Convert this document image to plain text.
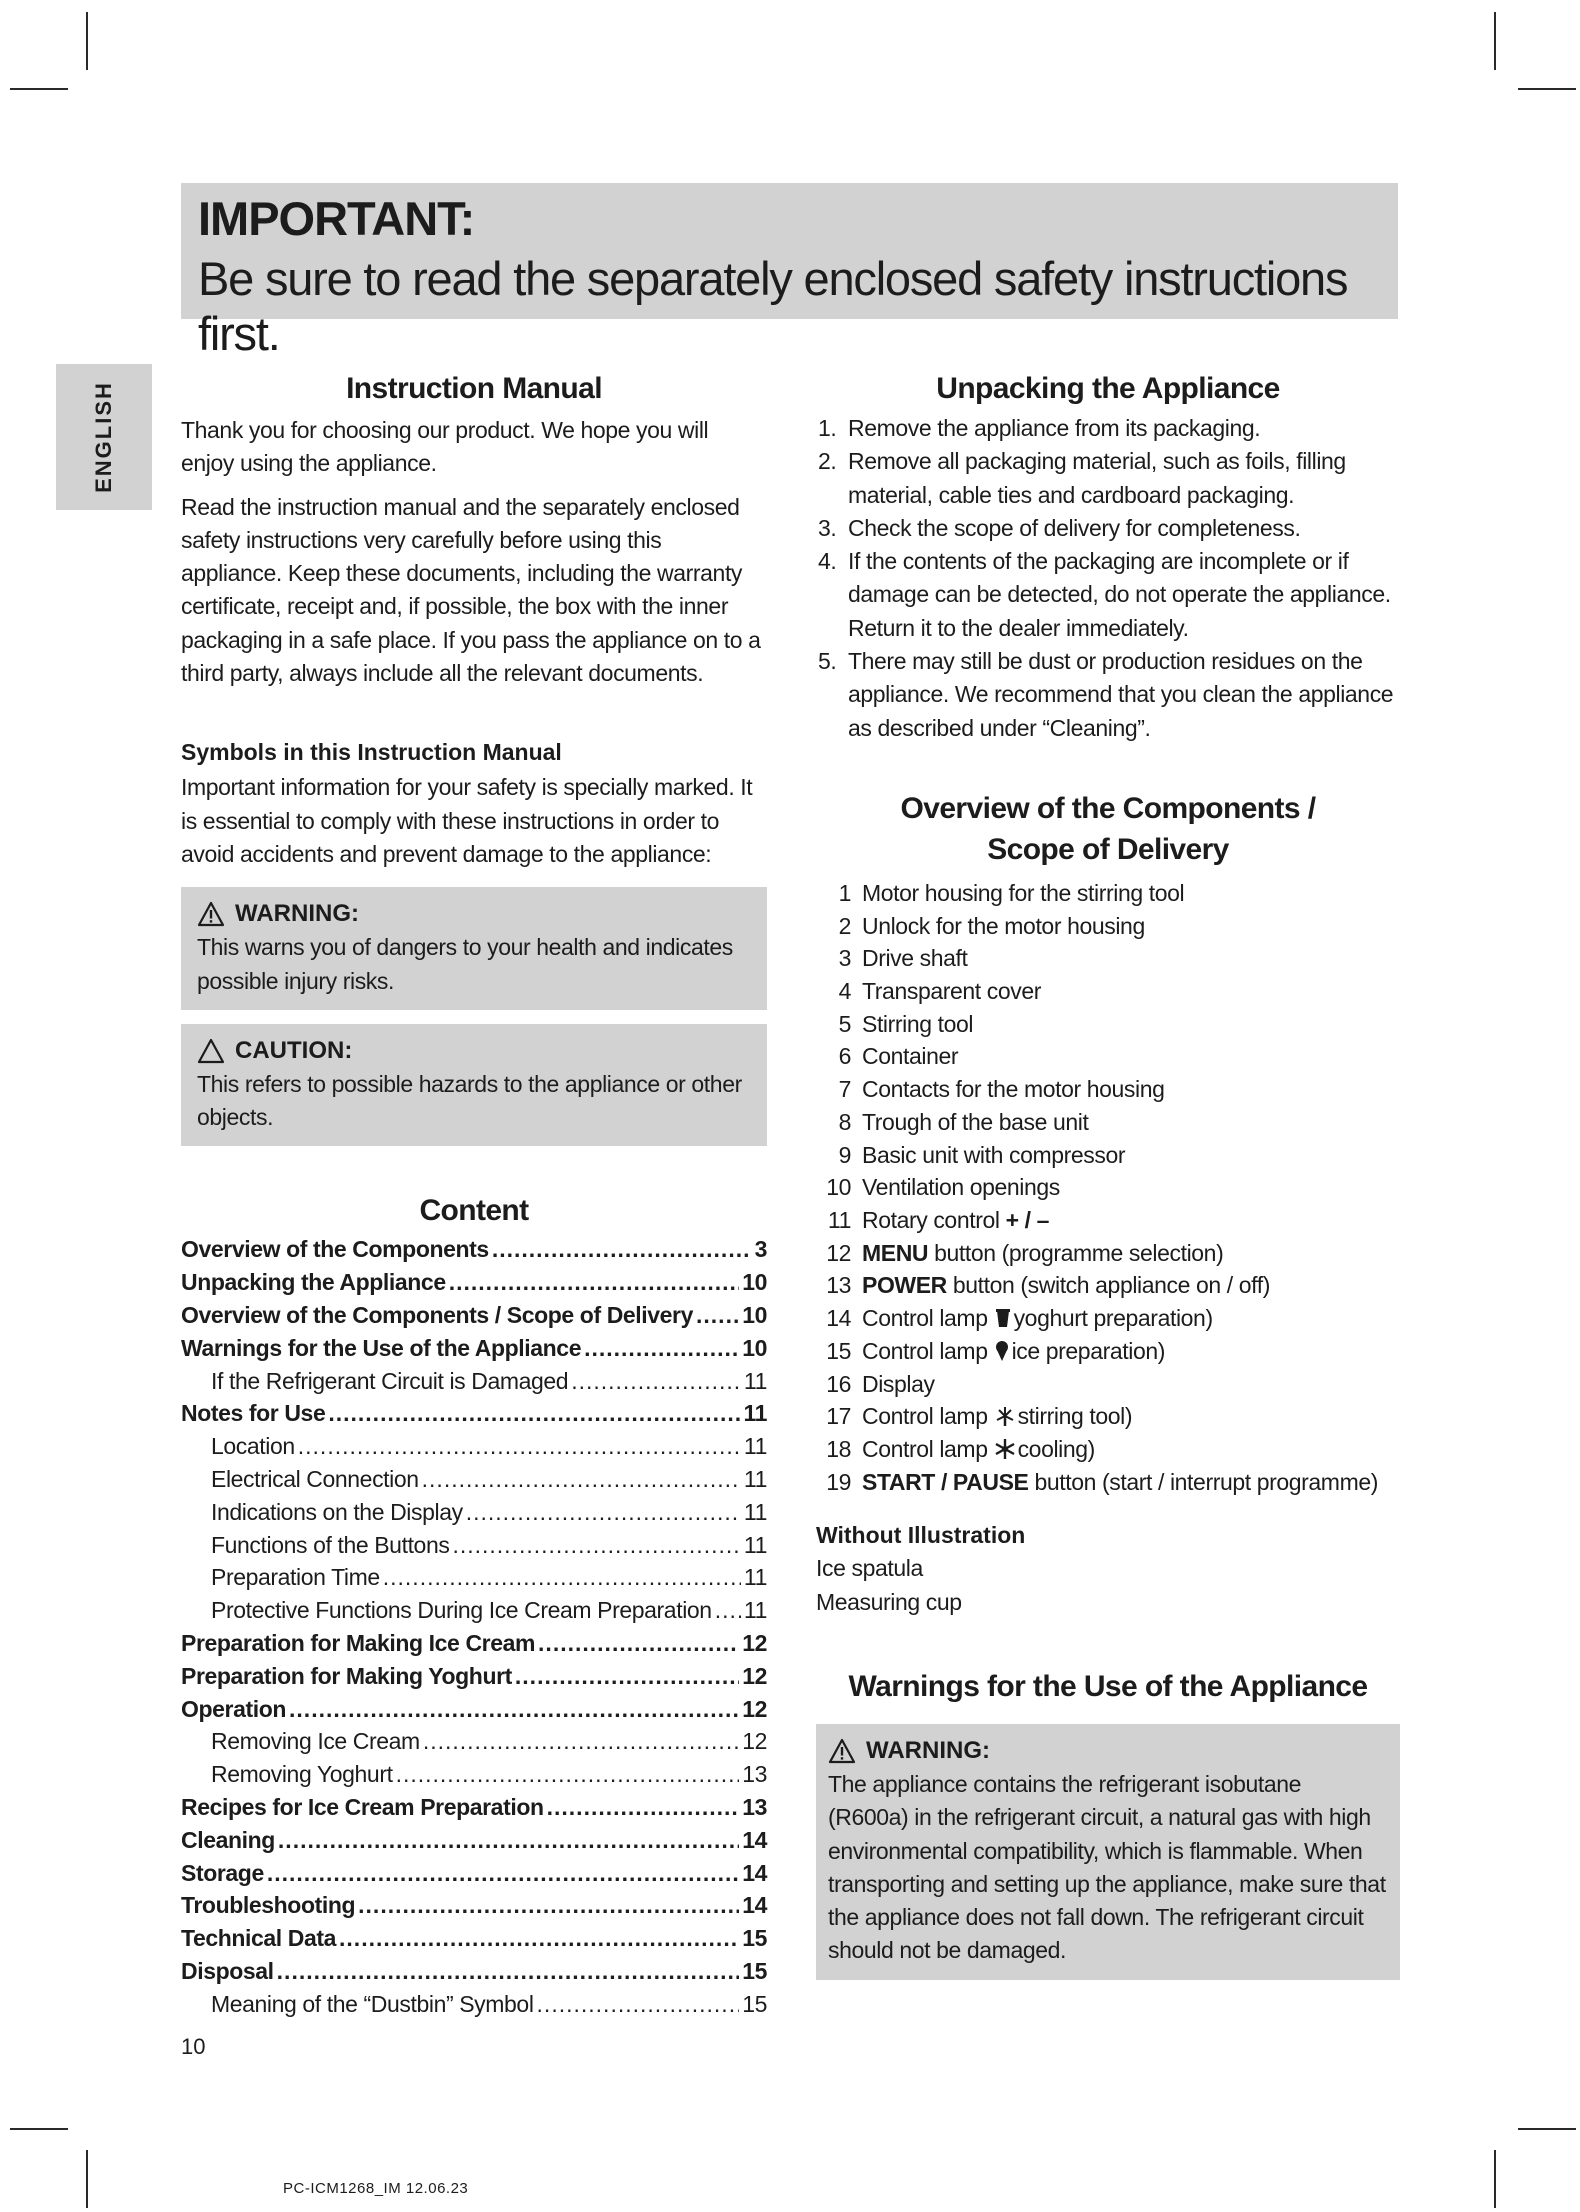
IMPORTANT:
Be sure to read the separately enclosed safety instructions first.
ENGLISH	Instruction Manual

Thank you for choosing our product. We hope you will enjoy using the appliance.

Read the instruction manual and the separately enclosed safety instructions very carefully before using this appliance. Keep these documents, including the warranty certificate, receipt and, if possible, the box with the inner packaging in a safe place. If you pass the appliance on to a third party, always include all the relevant documents.

Symbols in this Instruction Manual

Important information for your safety is specially marked. It is essential to comply with these instructions in order to avoid accidents and prevent damage to the appliance:

WARNING:
This warns you of dangers to your health and indicates possible injury risks.
CAUTION:
This refers to possible hazards to the appliance or other objects.
Content
Overview of the Components .....	3
Unpacking the Appliance .....	10
Overview of the Components / Scope of Delivery ..... 10
Warnings for the Use of the Appliance .....	10
If the Refrigerant Circuit is Damaged .....	11
Notes for Use .....	11
Location .....	11
Electrical Connection .....	11
Indications on the Display .....	11
Functions of the Buttons .....	11
Preparation Time .....	11
Protective Functions During Ice Cream Preparation ..... 11
Preparation for Making Ice Cream .....	12
Preparation for Making Yoghurt .....	12
Operation .....	12
Removing Ice Cream .....	12
Removing Yoghurt .....	13
Recipes for Ice Cream Preparation .....	13
Cleaning .....	14
Storage .....	14
Troubleshooting .....	14
Technical Data .....	15
Disposal .....	15
Meaning of the “Dustbin” Symbol .....	15
Unpacking the Appliance
1. Remove the appliance from its packaging.
2. Remove all packaging material, such as foils, filling material, cable ties and cardboard packaging.
3. Check the scope of delivery for completeness.
4. If the contents of the packaging are incomplete or if damage can be detected, do not operate the appliance. Return it to the dealer immediately.
5. There may still be dust or production residues on the appliance. We recommend that you clean the appliance as described under “Cleaning”.
Overview of the Components /
Scope of Delivery
1 Motor housing for the stirring tool
2 Unlock for the motor housing
3 Drive shaft
4 Transparent cover
5 Stirring tool
6 Container
7 Contacts for the motor housing
8 Trough of the base unit
9 Basic unit with compressor
10 Ventilation openings
11 Rotary control + / –
12 MENU button (programme selection)
13 POWER button (switch appliance on / off)
14 Control lamp yoghurt preparation)
15 Control lamp ice preparation)
16 Display
17 Control lamp stirring tool)
18 Control lamp cooling)
19 START / PAUSE button (start / interrupt programme)
Without Illustration

Ice spatula

Measuring cup

Warnings for the Use of the Appliance
WARNING:
The appliance contains the refrigerant isobutane (R600a) in the refrigerant circuit, a natural gas with high environmental compatibility, which is flammable. When transporting and setting up the appliance, make sure that the appliance does not fall down. The refrigerant circuit should not be damaged.
10
PC-ICM1268_IM 12.06.23
